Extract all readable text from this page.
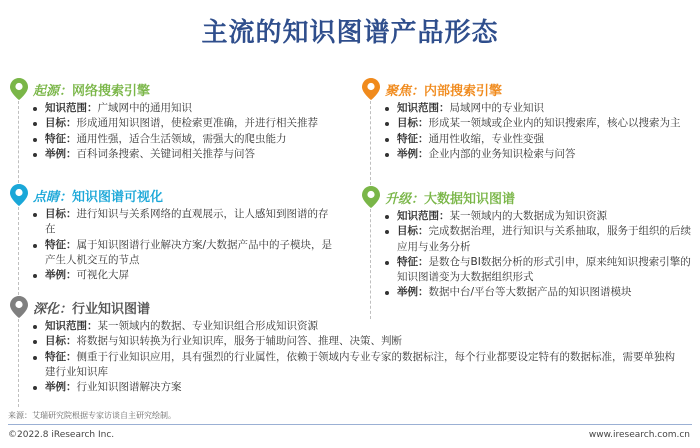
主流的知识图谱产品形态
起源： 网络搜索引擎
知识范围：广域网中的通用知识
目标：形成通用知识图谱，使检索更准确，并进行相关推荐
特征：通用性强，适合生活领域，需强大的爬虫能力
举例：百科词条搜索、关键词相关推荐与问答
点睛： 知识图谱可视化
目标：进行知识与关系网络的直观展示，让人感知到图谱的存在
特征：属于知识图谱行业解决方案/大数据产品中的子模块，是产生人机交互的节点
举例：可视化大屏
深化： 行业知识图谱
知识范围：某一领域内的数据、专业知识组合形成知识资源
目标：将数据与知识转换为行业知识库，服务于辅助问答、推理、决策、判断
特征：侧重于行业知识应用，具有强烈的行业属性，依赖于领域内专业专家的数据标注，每个行业都要设定特有的数据标准，需要单独构建行业知识库
举例：行业知识图谱解决方案
聚焦： 内部搜索引擎
知识范围：局域网中的专业知识
目标：形成某一领域或企业内的知识搜索库，核心以搜索为主
特征：通用性收缩，专业性变强
举例：企业内部的业务知识检索与问答
升级： 大数据知识图谱
知识范围：某一领域内的大数据成为知识资源
目标：完成数据治理，进行知识与关系抽取，服务于组织的后续应用与业务分析
特征：是数仓与BI数据分析的形式引申，原来纯知识搜索引擎的知识图谱变为大数据组织形式
举例：数据中台/平台等大数据产品的知识图谱模块
来源：艾瑞研究院根据专家访谈自主研究绘制。
©2022.8 iResearch Inc.	www.iresearch.com.cn
